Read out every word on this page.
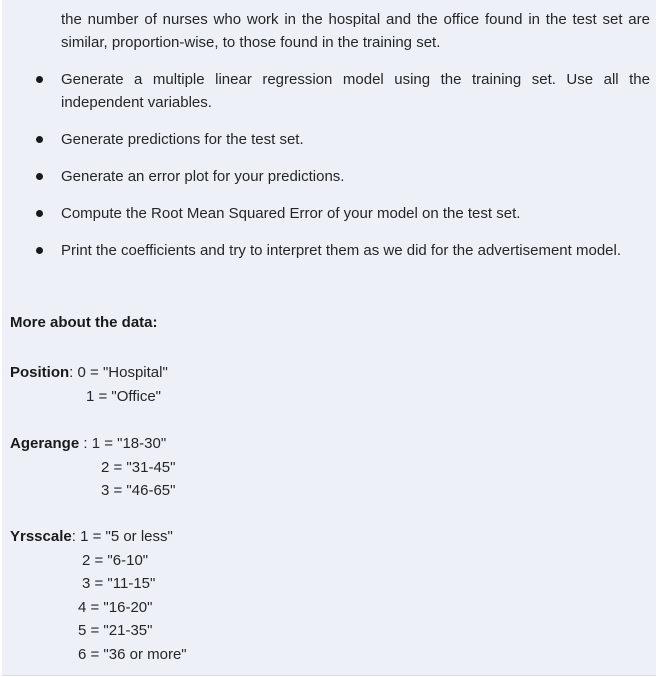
the number of nurses who work in the hospital and the office found in the test set are similar, proportion-wise, to those found in the training set.
Generate a multiple linear regression model using the training set. Use all the independent variables.
Generate predictions for the test set.
Generate an error plot for your predictions.
Compute the Root Mean Squared Error of your model on the test set.
Print the coefficients and try to interpret them as we did for the advertisement model.
More about the data:
Position: 0 = "Hospital"
1 = "Office"
Agerange : 1 = "18-30"
2 = "31-45"
3 = "46-65"
Yrsscale: 1 = "5 or less"
2 = "6-10"
3 = "11-15"
4 = "16-20"
5 = "21-35"
6 = "36 or more"
